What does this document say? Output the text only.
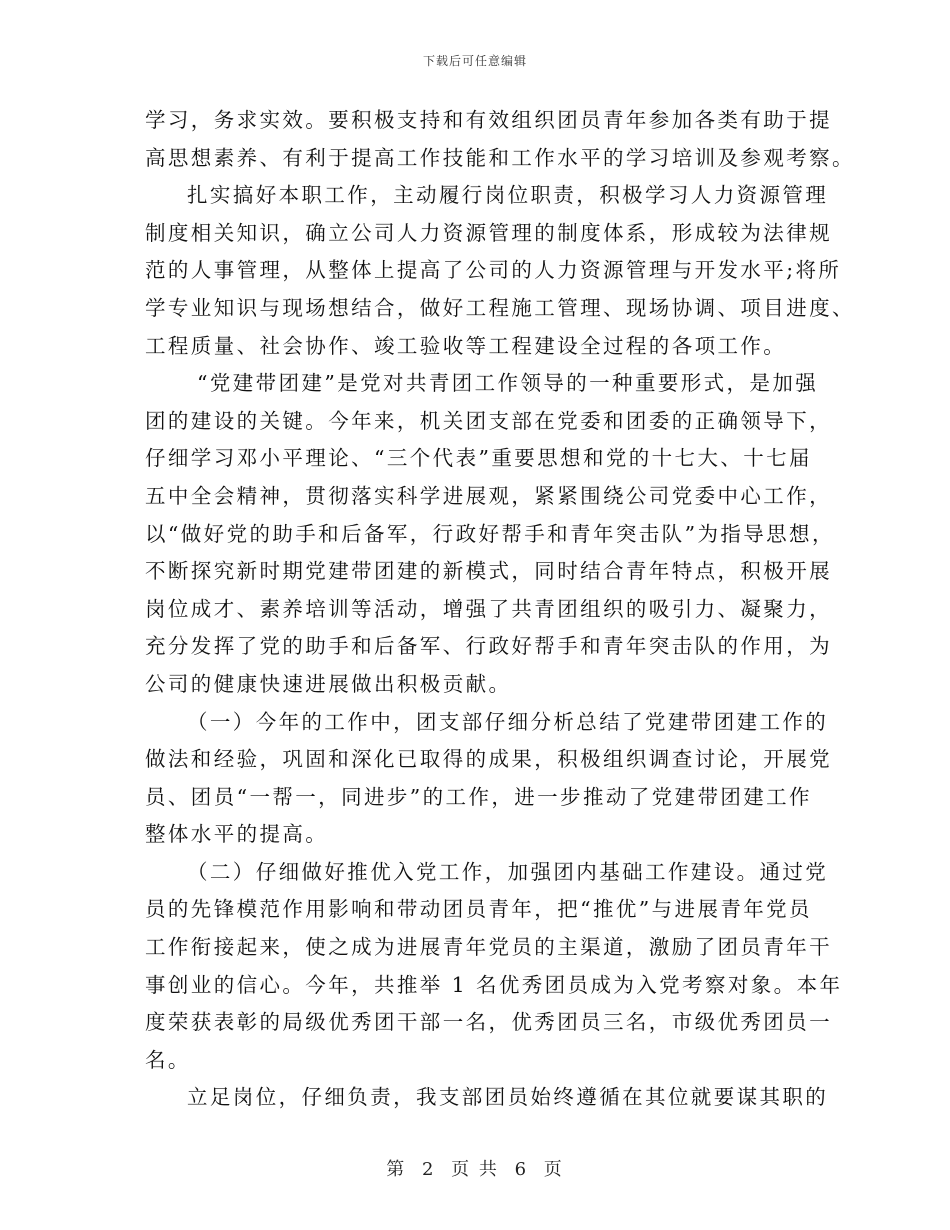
下载后可任意编辑
学习，务求实效。要积极支持和有效组织团员青年参加各类有助于提
高思想素养、有利于提高工作技能和工作水平的学习培训及参观考察。
扎实搞好本职工作，主动履行岗位职责，积极学习人力资源管理
制度相关知识，确立公司人力资源管理的制度体系，形成较为法律规
范的人事管理，从整体上提高了公司的人力资源管理与开发水平;将所
学专业知识与现场想结合，做好工程施工管理、现场协调、项目进度、
工程质量、社会协作、竣工验收等工程建设全过程的各项工作。
“党建带团建”是党对共青团工作领导的一种重要形式，是加强
团的建设的关键。今年来，机关团支部在党委和团委的正确领导下，
仔细学习邓小平理论、“三个代表”重要思想和党的十七大、十七届
五中全会精神，贯彻落实科学进展观，紧紧围绕公司党委中心工作，
以“做好党的助手和后备军，行政好帮手和青年突击队”为指导思想，
不断探究新时期党建带团建的新模式，同时结合青年特点，积极开展
岗位成才、素养培训等活动，增强了共青团组织的吸引力、凝聚力，
充分发挥了党的助手和后备军、行政好帮手和青年突击队的作用，为
公司的健康快速进展做出积极贡献。
（一）今年的工作中，团支部仔细分析总结了党建带团建工作的
做法和经验，巩固和深化已取得的成果，积极组织调查讨论，开展党
员、团员“一帮一，同进步”的工作，进一步推动了党建带团建工作
整体水平的提高。
（二）仔细做好推优入党工作，加强团内基础工作建设。通过党
员的先锋模范作用影响和带动团员青年，把“推优”与进展青年党员
工作衔接起来，使之成为进展青年党员的主渠道，激励了团员青年干
事创业的信心。今年，共推举 1 名优秀团员成为入党考察对象。本年
度荣获表彰的局级优秀团干部一名，优秀团员三名，市级优秀团员一
名。
立足岗位，仔细负责，我支部团员始终遵循在其位就要谋其职的
第 2 页 共 6 页
